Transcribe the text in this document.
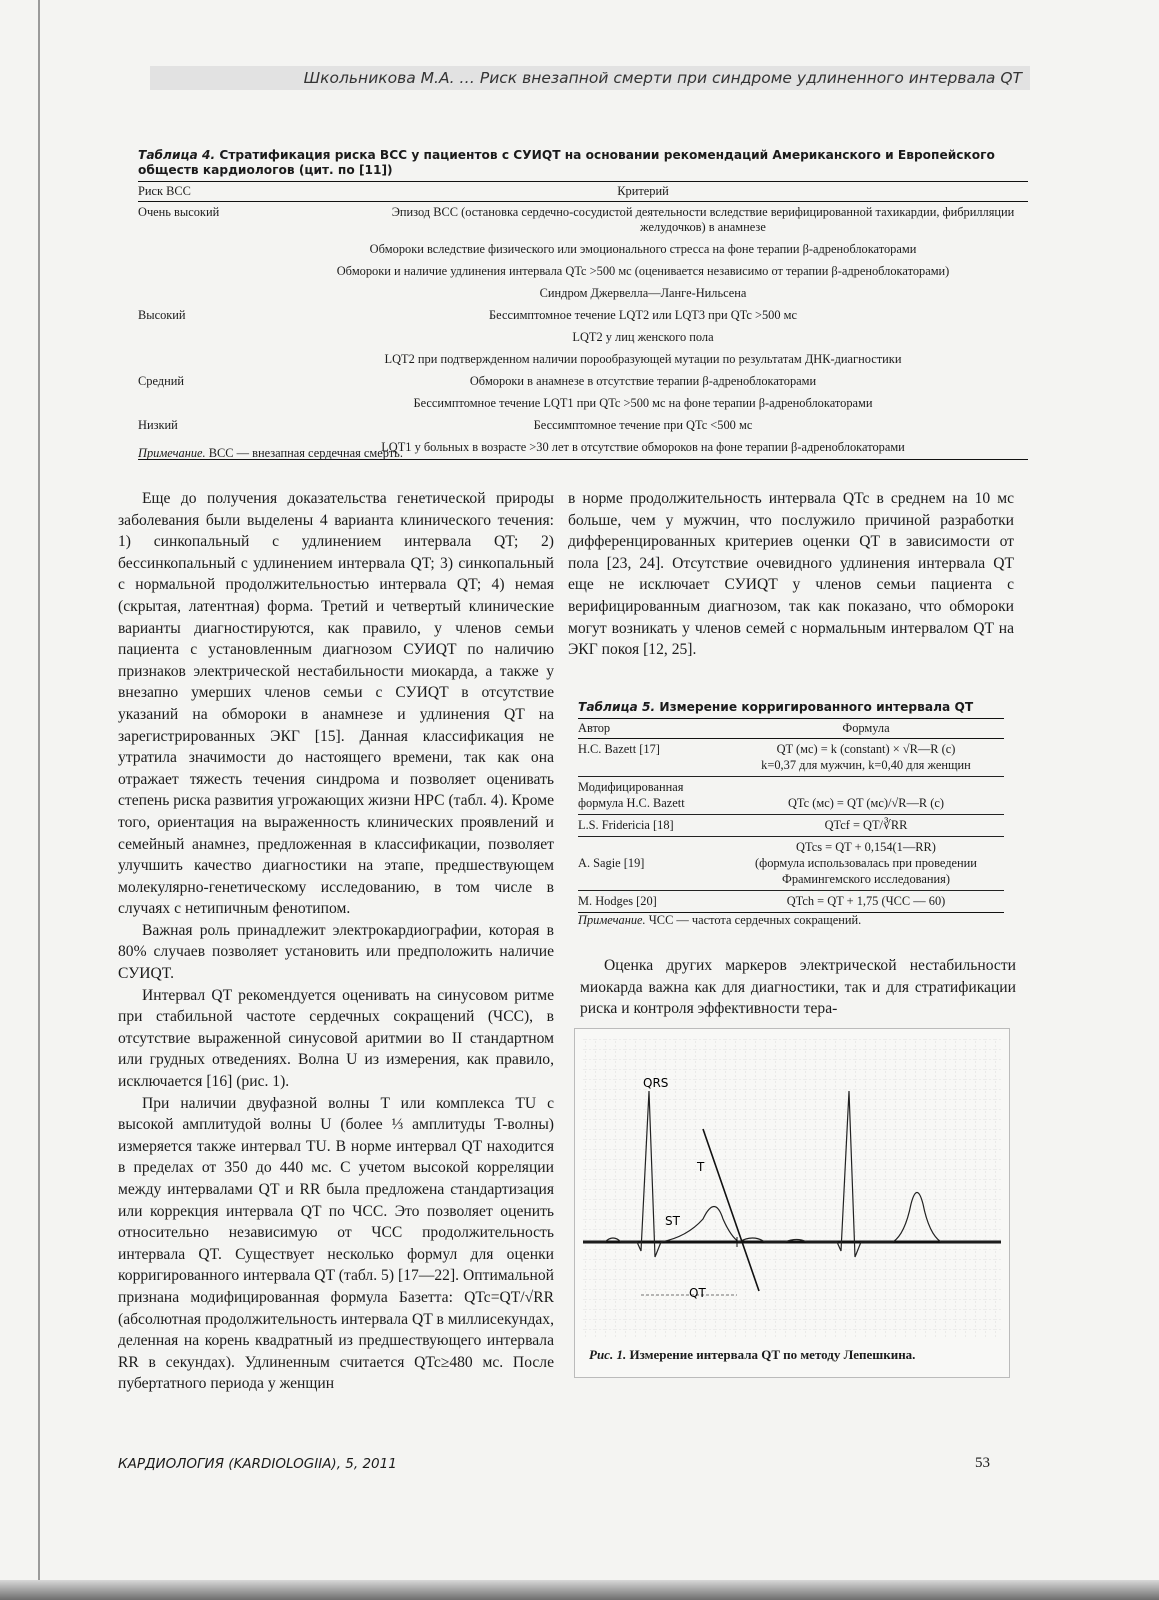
Школьникова М.А. … Риск внезапной смерти при синдроме удлиненного интервала QT
Таблица 4. Стратификация риска ВСС у пациентов с СУИQT на основании рекомендаций Американского и Европейского обществ кардиологов (цит. по [11])
Риск ВСС	Критерий
Очень высокий	Эпизод ВСС (остановка сердечно-сосудистой деятельности вследствие верифицированной тахикардии, фибрилляции желудочков) в анамнезе
	Обмороки вследствие физического или эмоционального стресса на фоне терапии β-адреноблокаторами
	Обмороки и наличие удлинения интервала QTc >500 мс (оценивается независимо от терапии β-адреноблокаторами)
	Синдром Джервелла—Ланге-Нильсена
Высокий	Бессимптомное течение LQT2 или LQT3 при QTc >500 мс
	LQT2 у лиц женского пола
	LQT2 при подтвержденном наличии порообразующей мутации по результатам ДНК-диагностики
Средний	Обмороки в анамнезе в отсутствие терапии β-адреноблокаторами
	Бессимптомное течение LQT1 при QTc >500 мс на фоне терапии β-адреноблокаторами
Низкий	Бессимптомное течение при QTc <500 мс
	LQT1 у больных в возрасте >30 лет в отсутствие обмороков на фоне терапии β-адреноблокаторами
Примечание. ВСС — внезапная сердечная смерть.

Еще до получения доказательства генетической природы заболевания были выделены 4 варианта клинического течения: 1) синкопальный с удлинением интервала QT; 2) бессинкопальный с удлинением интервала QT; 3) синкопальный с нормальной продолжительностью интервала QT; 4) немая (скрытая, латентная) форма. Третий и четвертый клинические варианты диагностируются, как правило, у членов семьи пациента с установленным диагнозом СУИQT по наличию признаков электрической нестабильности миокарда, а также у внезапно умерших членов семьи с СУИQT в отсутствие указаний на обмороки в анамнезе и удлинения QT на зарегистрированных ЭКГ [15]. Данная классификация не утратила значимости до настоящего времени, так как она отражает тяжесть течения синдрома и позволяет оценивать степень риска развития угрожающих жизни НРС (табл. 4). Кроме того, ориентация на выраженность клинических проявлений и семейный анамнез, предложенная в классификации, позволяет улучшить качество диагностики на этапе, предшествующем молекулярно-генетическому исследованию, в том числе в случаях с нетипичным фенотипом.

Важная роль принадлежит электрокардиографии, которая в 80% случаев позволяет установить или предположить наличие СУИQT.

Интервал QT рекомендуется оценивать на синусовом ритме при стабильной частоте сердечных сокращений (ЧСС), в отсутствие выраженной синусовой аритмии во II стандартном или грудных отведениях. Волна U из измерения, как правило, исключается [16] (рис. 1).

При наличии двуфазной волны T или комплекса TU с высокой амплитудой волны U (более ⅓ амплитуды T-волны) измеряется также интервал TU. В норме интервал QT находится в пределах от 350 до 440 мс. С учетом высокой корреляции между интервалами QT и RR была предложена стандартизация или коррекция интервала QT по ЧСС. Это позволяет оценить относительно независимую от ЧСС продолжительность интервала QT. Существует несколько формул для оценки корригированного интервала QT (табл. 5) [17—22]. Оптимальной признана модифицированная формула Базетта: QTc=QT/√RR (абсолютная продолжительность интервала QT в миллисекундах, деленная на корень квадратный из предшествующего интервала RR в секундах). Удлиненным считается QTc≥480 мс. После пубертатного периода у женщин

в норме продолжительность интервала QTc в среднем на 10 мс больше, чем у мужчин, что послужило причиной разработки дифференцированных критериев оценки QT в зависимости от пола [23, 24]. Отсутствие очевидного удлинения интервала QT еще не исключает СУИQT у членов семьи пациента с верифицированным диагнозом, так как показано, что обмороки могут возникать у членов семей с нормальным интервалом QT на ЭКГ покоя [12, 25].

Таблица 5. Измерение корригированного интервала QT
Автор	Формула
H.C. Bazett [17]	QT (мс) = k (constant) × √R—R (c)
k=0,37 для мужчин, k=0,40 для женщин

Модифицированная формула H.C. Bazett	QTc (мс) = QT (мс)/√R—R (c)

L.S. Fridericia [18]	QTcf = QT/∛RR

A. Sagie [19]	QTcs = QT + 0,154(1—RR)
(формула использовалась при проведении
Фрамингемского исследования)

M. Hodges [20]	QTch = QT + 1,75 (ЧСС — 60)
Примечание. ЧСС — частота сердечных сокращений.

Оценка других маркеров электрической нестабильности миокарда важна как для диагностики, так и для стратификации риска и контроля эффективности тера-

QRS
T
ST
QT
Рис. 1. Измерение интервала QT по методу Лепешкина.
КАРДИОЛОГИЯ (KARDIOLOGIIA), 5, 2011	53
